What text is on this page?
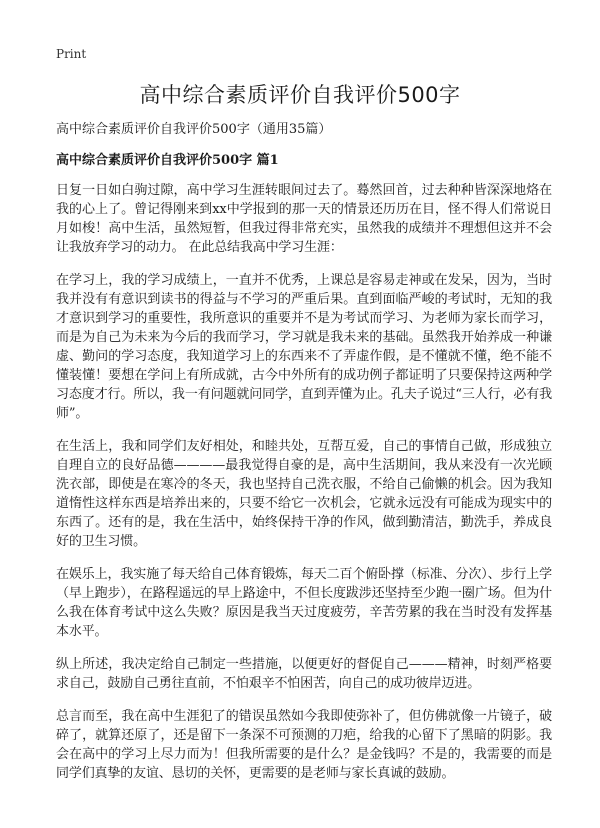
Print
高中综合素质评价自我评价500字

高中综合素质评价自我评价500字（通用35篇）

高中综合素质评价自我评价500字 篇1

日复一日如白驹过隙，高中学习生涯转眼间过去了。蓦然回首，过去种种皆深深地烙在我的心上了。曾记得刚来到xx中学报到的那一天的情景还历历在目，怪不得人们常说日月如梭！高中生活，虽然短暂，但我过得非常充实，虽然我的成绩并不理想但这并不会让我放弃学习的动力。 在此总结我高中学习生涯：

在学习上，我的学习成绩上，一直并不优秀，上课总是容易走神或在发呆，因为，当时我并没有有意识到读书的得益与不学习的严重后果。直到面临严峻的考试时，无知的我才意识到学习的重要性，我所意识的重要并不是为考试而学习、为老师为家长而学习，而是为自己为未来为今后的我而学习，学习就是我未来的基础。虽然我开始养成一种谦虚、勤问的学习态度，我知道学习上的东西来不了弄虚作假，是不懂就不懂，绝不能不懂装懂！要想在学问上有所成就，古今中外所有的成功例子都证明了只要保持这两种学习态度才行。所以，我一有问题就问同学，直到弄懂为止。孔夫子说过“三人行，必有我师”。

在生活上，我和同学们友好相处，和睦共处，互帮互爱，自己的事情自己做，形成独立自理自立的良好品德————最我觉得自豪的是，高中生活期间，我从来没有一次光顾洗衣部，即使是在寒冷的冬天，我也坚持自己洗衣服，不给自己偷懒的机会。因为我知道惰性这样东西是培养出来的，只要不给它一次机会，它就永远没有可能成为现实中的东西了。还有的是，我在生活中，始终保持干净的作风，做到勤清洁，勤洗手，养成良好的卫生习惯。

在娱乐上，我实施了每天给自己体育锻炼，每天二百个俯卧撑（标准、分次）、步行上学（早上跑步），在路程遥远的早上路途中，不但长度跋涉还坚持至少跑一圈广场。但为什么我在体育考试中这么失败？原因是我当天过度疲劳，辛苦劳累的我在当时没有发挥基本水平。

纵上所述，我决定给自己制定一些措施，以便更好的督促自己———精神，时刻严格要求自己，鼓励自己勇往直前，不怕艰辛不怕困苦，向自己的成功彼岸迈进。

总言而至，我在高中生涯犯了的错误虽然如今我即使弥补了，但仿佛就像一片镜子，破碎了，就算还原了，还是留下一条深不可预测的刀疤，给我的心留下了黑暗的阴影。我会在高中的学习上尽力而为！但我所需要的是什么？是金钱吗？不是的，我需要的而是同学们真挚的友谊、恳切的关怀，更需要的是老师与家长真诚的鼓励。
